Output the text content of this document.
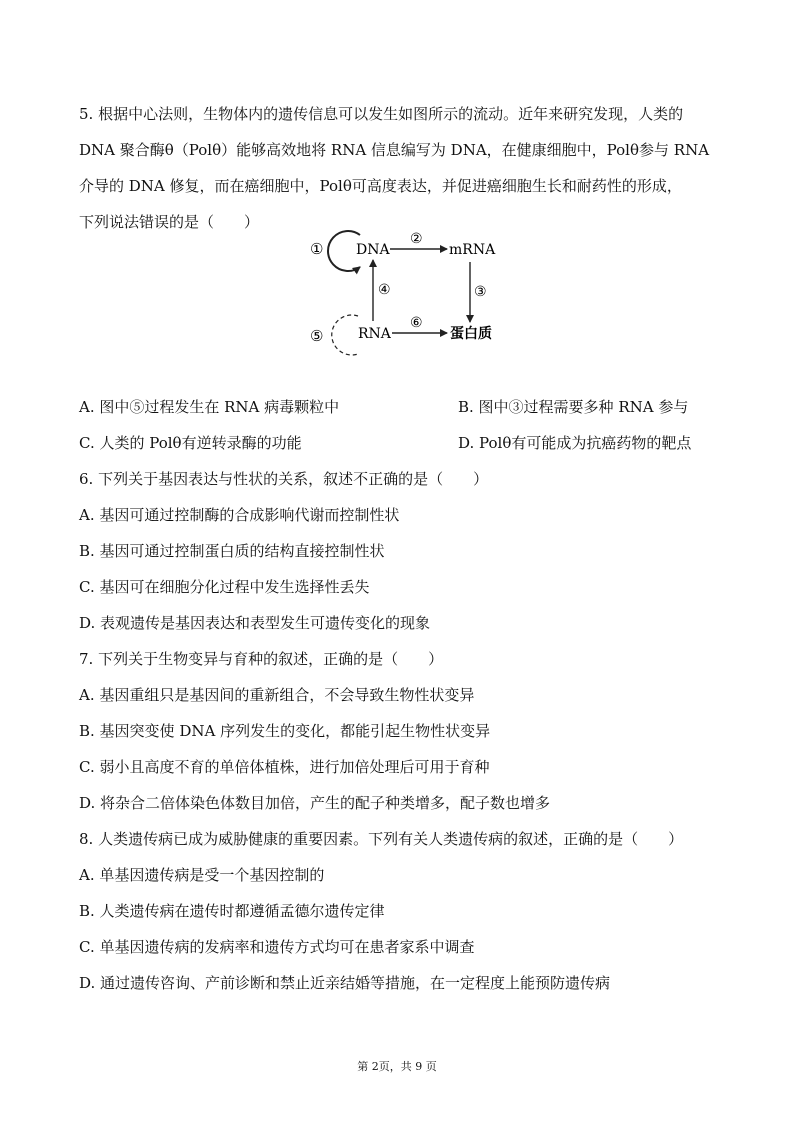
5. 根据中心法则，生物体内的遗传信息可以发生如图所示的流动。近年来研究发现，人类的
DNA 聚合酶θ（Polθ）能够高效地将 RNA 信息编写为 DNA，在健康细胞中，Polθ参与 RNA
介导的 DNA 修复，而在癌细胞中，Polθ可高度表达，并促进癌细胞生长和耐药性的形成，
下列说法错误的是（　　）
① DNA
②
mRNA
③
④
⑤ RNA
⑥
蛋白质
A. 图中⑤过程发生在 RNA 病毒颗粒中	B. 图中③过程需要多种 RNA 参与
C. 人类的 Polθ有逆转录酶的功能	D. Polθ有可能成为抗癌药物的靶点
6. 下列关于基因表达与性状的关系，叙述不正确的是（　　）
A. 基因可通过控制酶的合成影响代谢而控制性状
B. 基因可通过控制蛋白质的结构直接控制性状
C. 基因可在细胞分化过程中发生选择性丢失
D. 表观遗传是基因表达和表型发生可遗传变化的现象
7. 下列关于生物变异与育种的叙述，正确的是（　　）
A. 基因重组只是基因间的重新组合，不会导致生物性状变异
B. 基因突变使 DNA 序列发生的变化，都能引起生物性状变异
C. 弱小且高度不育的单倍体植株，进行加倍处理后可用于育种
D. 将杂合二倍体染色体数目加倍，产生的配子种类增多，配子数也增多
8. 人类遗传病已成为威胁健康的重要因素。下列有关人类遗传病的叙述，正确的是（　　）
A. 单基因遗传病是受一个基因控制的
B. 人类遗传病在遗传时都遵循孟德尔遗传定律
C. 单基因遗传病的发病率和遗传方式均可在患者家系中调查
D. 通过遗传咨询、产前诊断和禁止近亲结婚等措施，在一定程度上能预防遗传病
第 2页，共 9 页
